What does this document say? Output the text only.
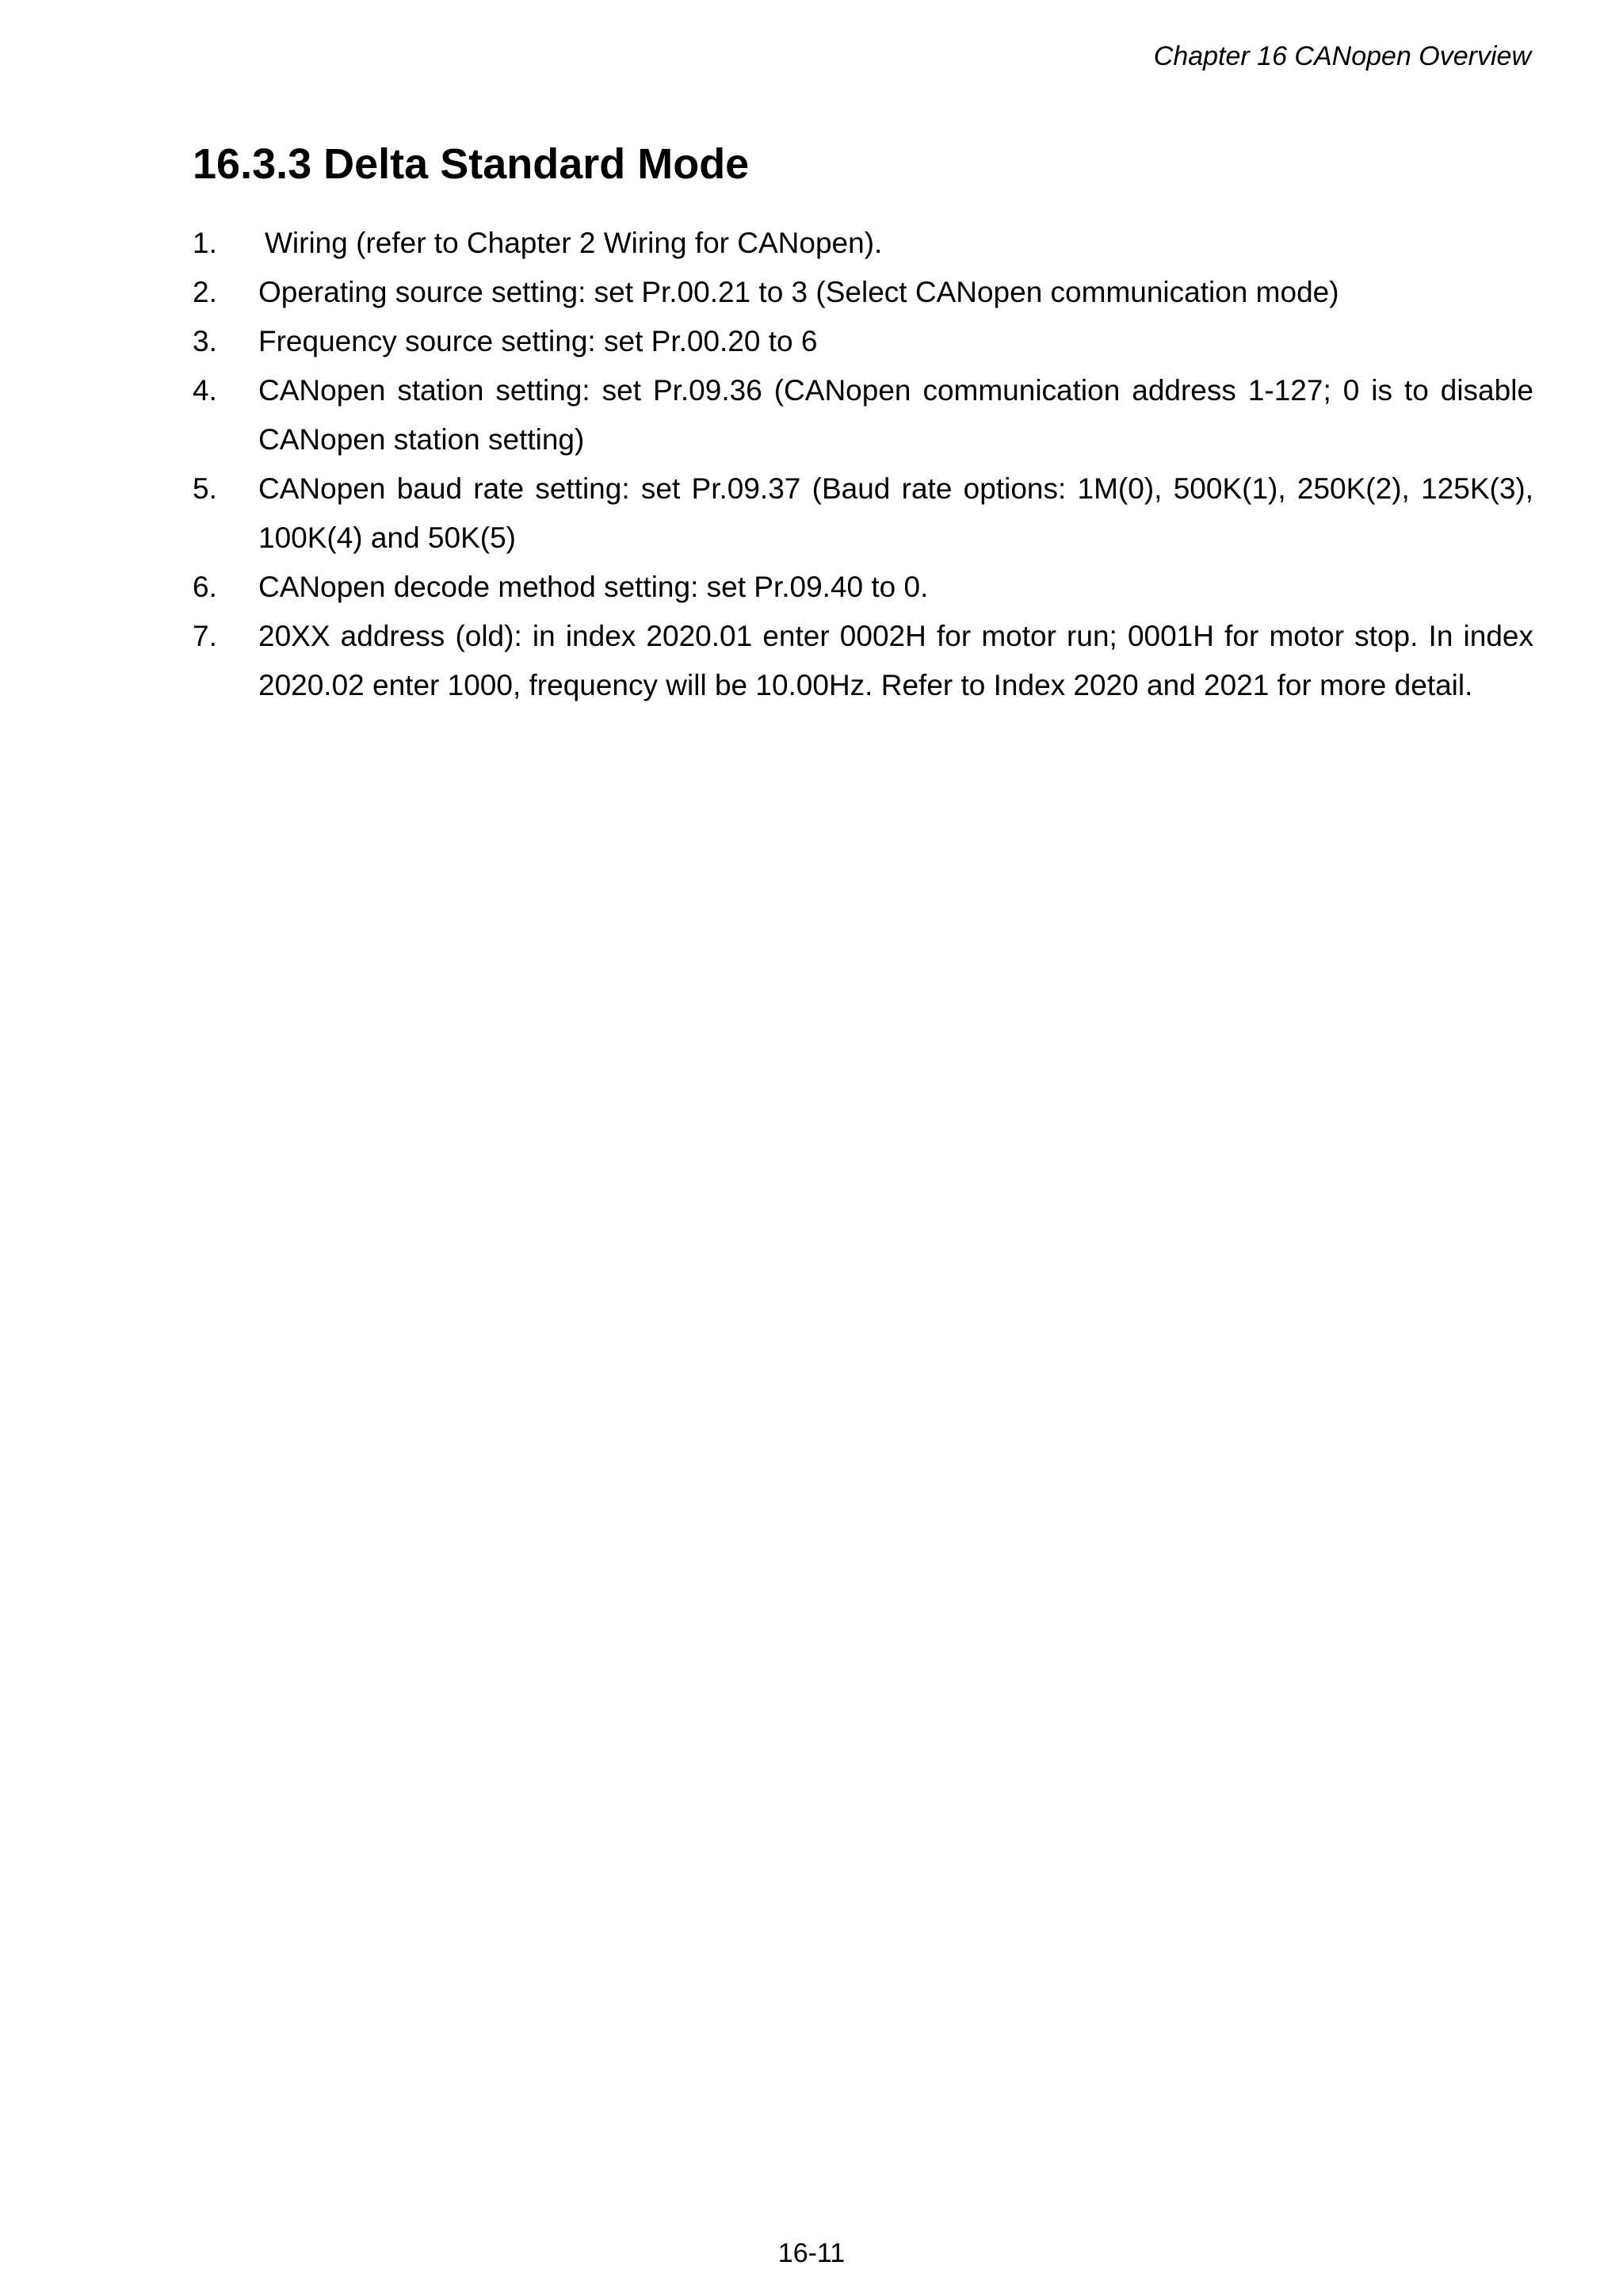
Chapter 16 CANopen Overview
16.3.3 Delta Standard Mode
1. Wiring (refer to Chapter 2 Wiring for CANopen).
2. Operating source setting: set Pr.00.21 to 3 (Select CANopen communication mode)
3. Frequency source setting: set Pr.00.20 to 6
4. CANopen station setting: set Pr.09.36 (CANopen communication address 1-127; 0 is to disable CANopen station setting)
5. CANopen baud rate setting: set Pr.09.37 (Baud rate options: 1M(0), 500K(1), 250K(2), 125K(3), 100K(4) and 50K(5)
6. CANopen decode method setting: set Pr.09.40 to 0.
7. 20XX address (old): in index 2020.01 enter 0002H for motor run; 0001H for motor stop. In index 2020.02 enter 1000, frequency will be 10.00Hz. Refer to Index 2020 and 2021 for more detail.
16-11
